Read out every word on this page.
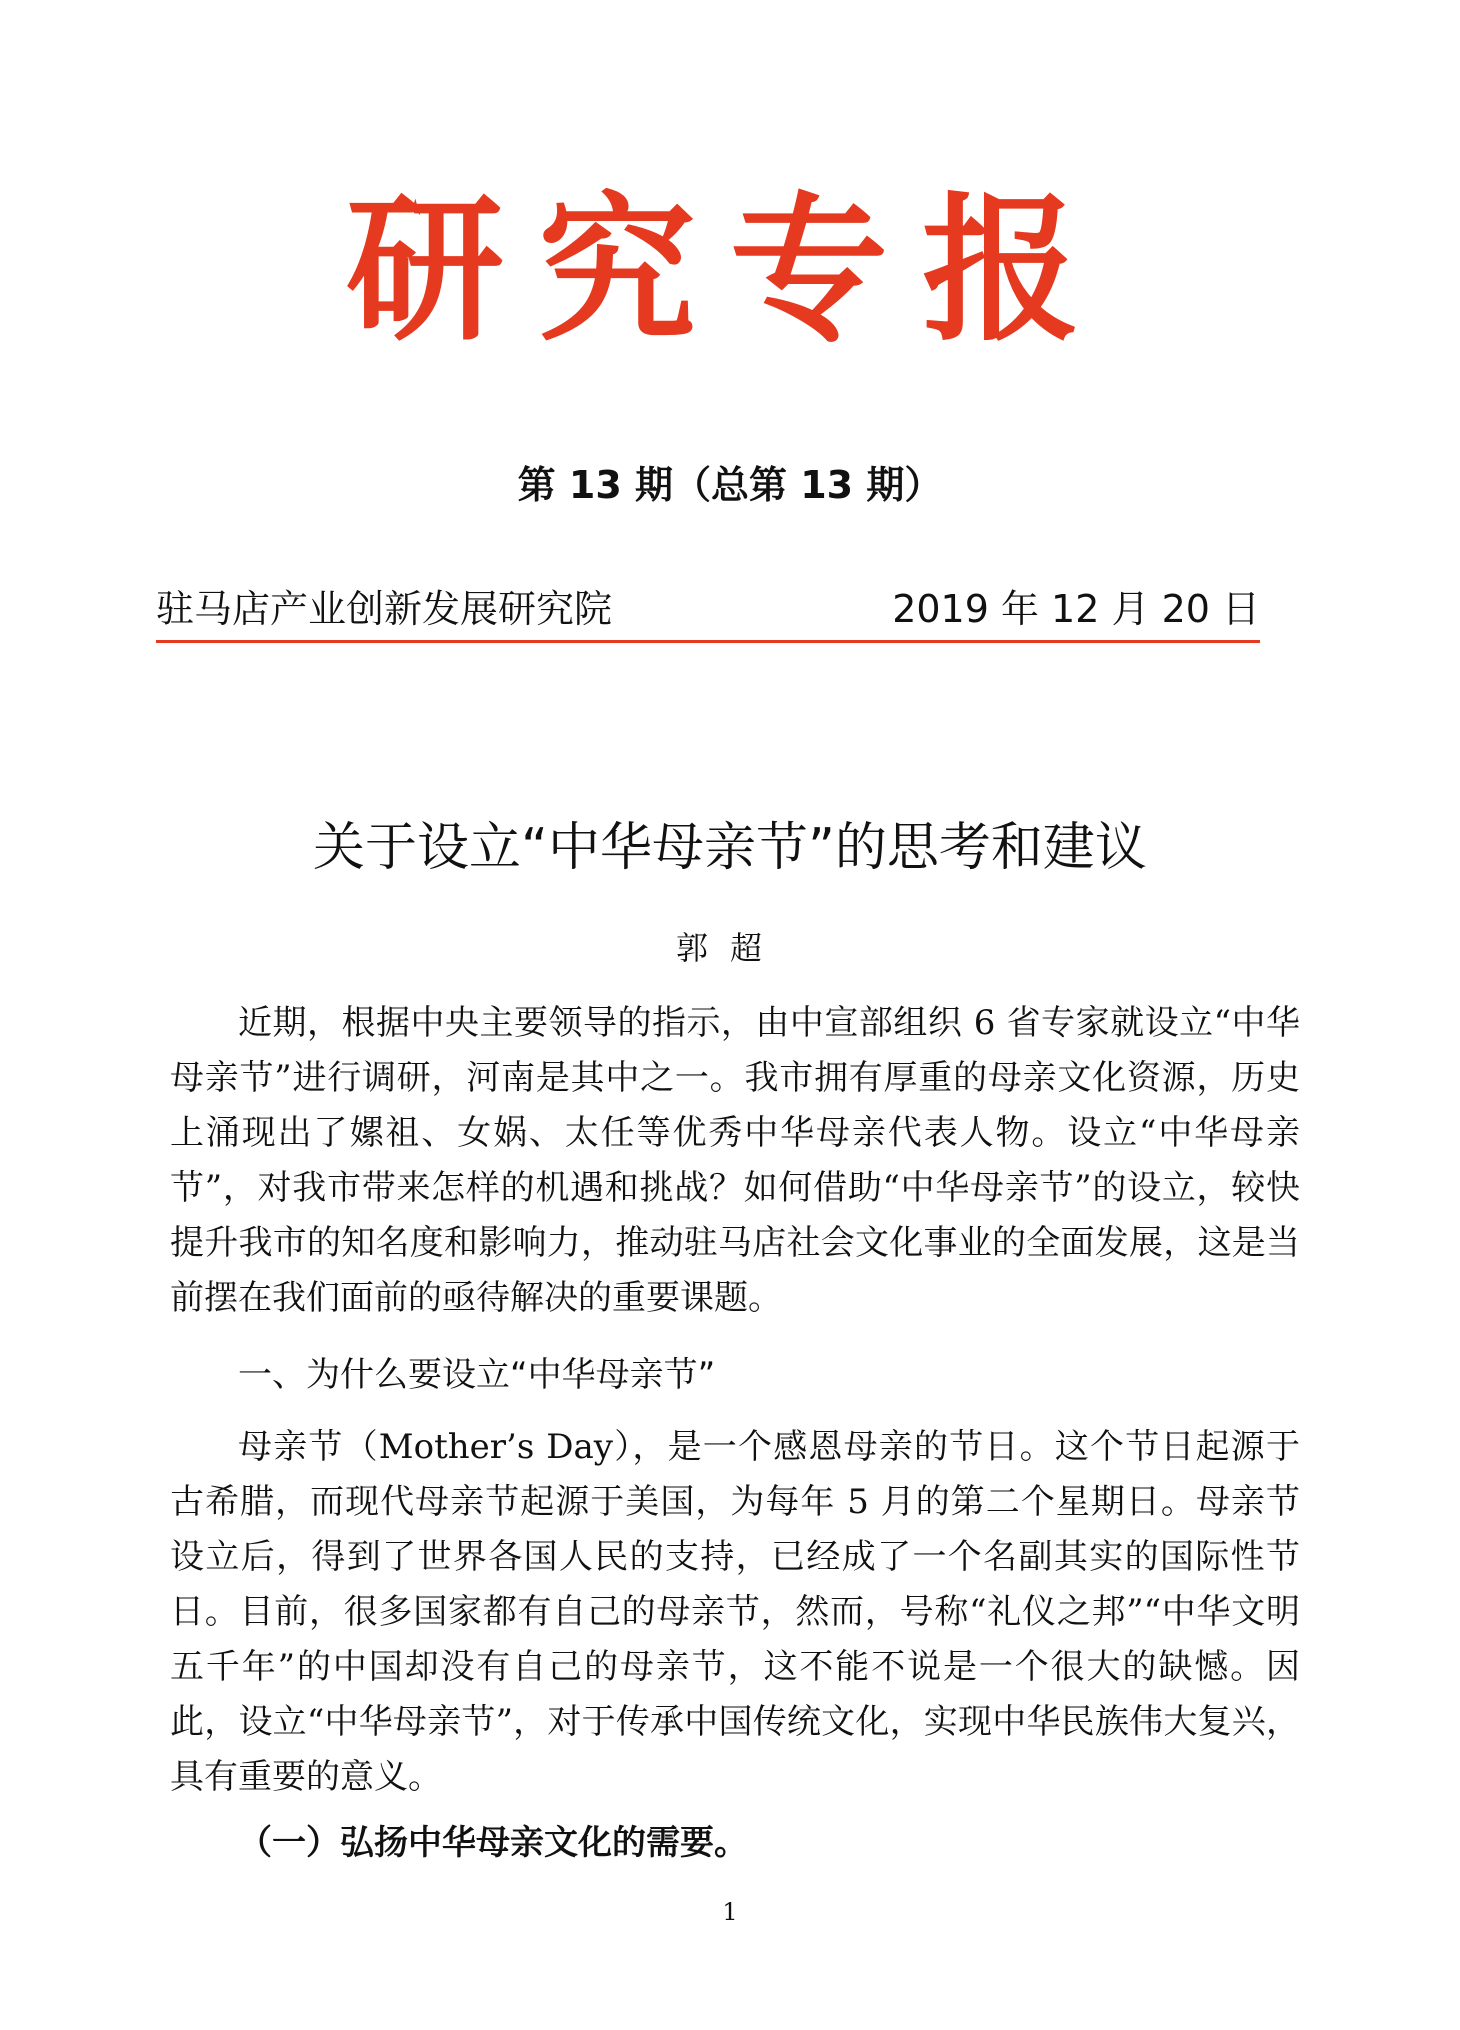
研究专报
第 13 期（总第 13 期）
驻马店产业创新发展研究院	2019 年 12 月 20 日
关于设立“中华母亲节”的思考和建议
郭超

近期，根据中央主要领导的指示，由中宣部组织 6 省专家就设立“中华母亲节”进行调研，河南是其中之一。我市拥有厚重的母亲文化资源，历史上涌现出了嫘祖、女娲、太任等优秀中华母亲代表人物。设立“中华母亲节”，对我市带来怎样的机遇和挑战？如何借助“中华母亲节”的设立，较快提升我市的知名度和影响力，推动驻马店社会文化事业的全面发展，这是当前摆在我们面前的亟待解决的重要课题。

一、为什么要设立“中华母亲节”

母亲节（Mother’s Day），是一个感恩母亲的节日。这个节日起源于古希腊，而现代母亲节起源于美国，为每年 5 月的第二个星期日。母亲节设立后，得到了世界各国人民的支持，已经成了一个名副其实的国际性节日。目前，很多国家都有自己的母亲节，然而，号称“礼仪之邦”“中华文明五千年”的中国却没有自己的母亲节，这不能不说是一个很大的缺憾。因此，设立“中华母亲节”，对于传承中国传统文化，实现中华民族伟大复兴，具有重要的意义。

（一）弘扬中华母亲文化的需要。

1
